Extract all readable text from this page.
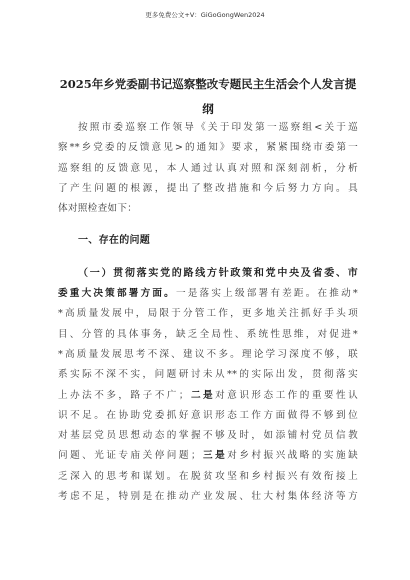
更多免费公文+V：GiGoGongWen2024
2025年乡党委副书记巡察整改专题民主生活会个人发言提纲
按照市委巡察工作领导《关于印发第一巡察组<关于巡
察**乡党委的反馈意见>的通知》要求，紧紧围绕市委第一
巡察组的反馈意见，本人通过认真对照和深刻剖析，分析
了产生问题的根源，提出了整改措施和今后努力方向。具
体对照检查如下：
一、存在的问题
（一）贯彻落实党的路线方针政策和党中央及省委、市
委重大决策部署方面。一是落实上级部署有差距。在推动*
*高质量发展中，局限于分管工作，更多地关注抓好手头项
目、分管的具体事务，缺乏全局性、系统性思维，对促进*
*高质量发展思考不深、建议不多。理论学习深度不够，联
系实际不深不实，问题研讨未从**的实际出发，贯彻落实
上办法不多，路子不广；二是对意识形态工作的重要性认
识不足。在协助党委抓好意识形态工作方面做得不够到位
对基层党员思想动态的掌握不够及时，如添铺村党员信教
问题、光证专庙关停问题；三是对乡村振兴战略的实施缺
乏深入的思考和谋划。在脱贫攻坚和乡村振兴有效衔接上
考虑不足，特别是在推动产业发展、壮大村集体经济等方
